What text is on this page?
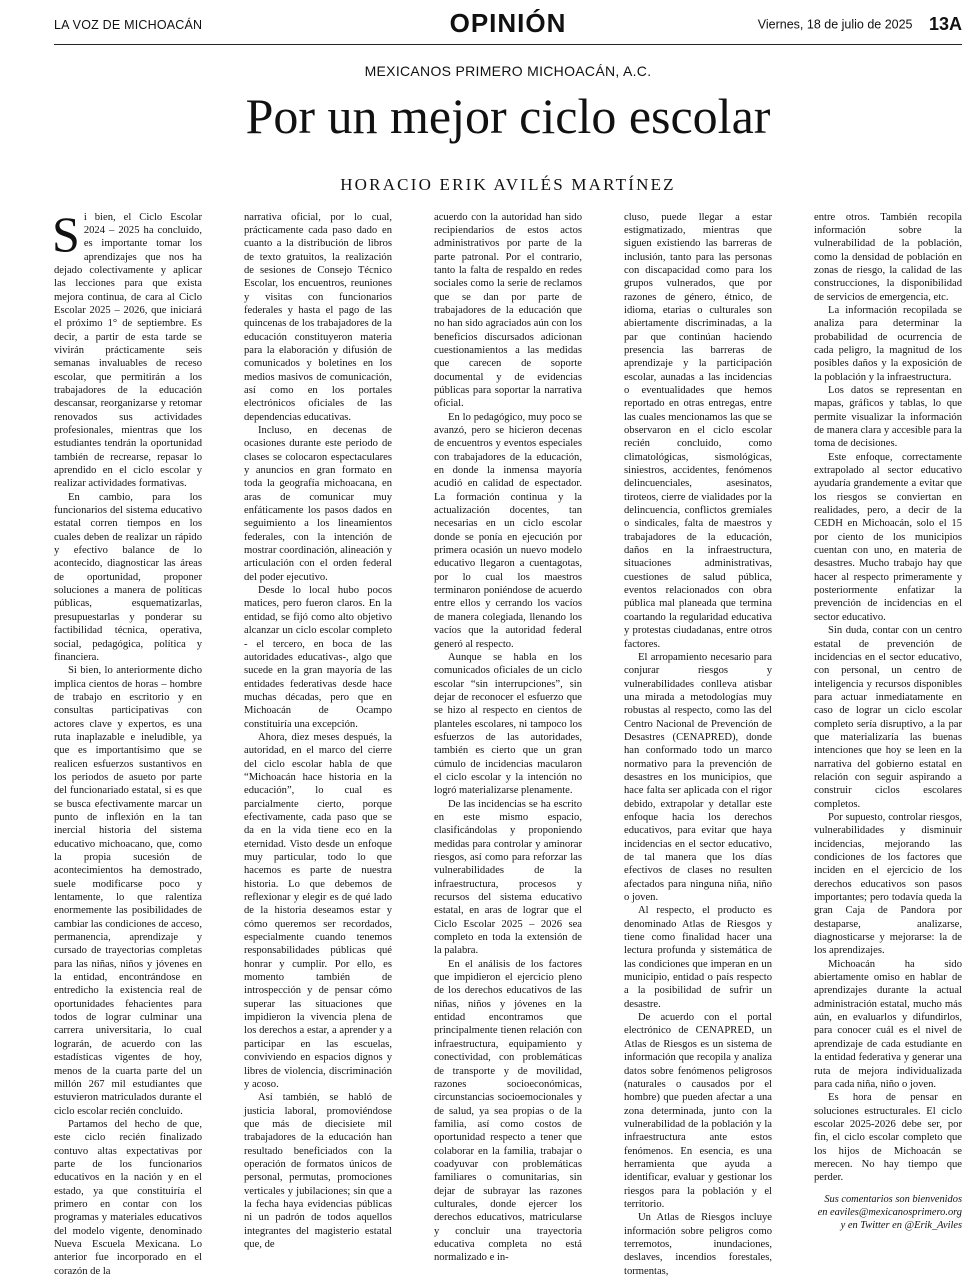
LA VOZ DE MICHOACÁN	OPINIÓN	Viernes, 18 de julio de 2025 13A
MEXICANOS PRIMERO MICHOACÁN, A.C.
Por un mejor ciclo escolar
HORACIO ERIK AVILÉS MARTÍNEZ

Si bien, el Ciclo Escolar 2024 – 2025 ha concluido, es importante tomar los aprendizajes que nos ha dejado colectivamente y aplicar las lecciones para que exista mejora continua, de cara al Ciclo Escolar 2025 – 2026, que iniciará el próximo 1° de septiembre. Es decir, a partir de esta tarde se vivirán prácticamente seis semanas invaluables de receso escolar, que permitirán a los trabajadores de la educación descansar, reorganizarse y retomar renovados sus actividades profesionales, mientras que los estudiantes tendrán la oportunidad también de recrearse, repasar lo aprendido en el ciclo escolar y realizar actividades formativas.

En cambio, para los funcionarios del sistema educativo estatal corren tiempos en los cuales deben de realizar un rápido y efectivo balance de lo acontecido, diagnosticar las áreas de oportunidad, proponer soluciones a manera de políticas públicas, esquematizarlas, presupuestarlas y ponderar su factibilidad técnica, operativa, social, pedagógica, política y financiera.

Si bien, lo anteriormente dicho implica cientos de horas – hombre de trabajo en escritorio y en consultas participativas con actores clave y expertos, es una ruta inaplazable e ineludible, ya que es importantísimo que se realicen esfuerzos sustantivos en los periodos de asueto por parte del funcionariado estatal, si es que se busca efectivamente marcar un punto de inflexión en la tan inercial historia del sistema educativo michoacano, que, como la propia sucesión de acontecimientos ha demostrado, suele modificarse poco y lentamente, lo que ralentiza enormemente las posibilidades de cambiar las condiciones de acceso, permanencia, aprendizaje y cursado de trayectorias completas para las niñas, niños y jóvenes en la entidad, encontrándose en entredicho la existencia real de oportunidades fehacientes para todos de lograr culminar una carrera universitaria, lo cual lograrán, de acuerdo con las estadísticas vigentes de hoy, menos de la cuarta parte del un millón 267 mil estudiantes que estuvieron matriculados durante el ciclo escolar recién concluido.

Partamos del hecho de que, este ciclo recién finalizado contuvo altas expectativas por parte de los funcionarios educativos en la nación y en el estado, ya que constituiría el primero en contar con los programas y materiales educativos del modelo vigente, denominado Nueva Escuela Mexicana. Lo anterior fue incorporado en el corazón de la

narrativa oficial, por lo cual, prácticamente cada paso dado en cuanto a la distribución de libros de texto gratuitos, la realización de sesiones de Consejo Técnico Escolar, los encuentros, reuniones y visitas con funcionarios federales y hasta el pago de las quincenas de los trabajadores de la educación constituyeron materia para la elaboración y difusión de comunicados y boletines en los medios masivos de comunicación, así como en los portales electrónicos oficiales de las dependencias educativas.

Incluso, en decenas de ocasiones durante este periodo de clases se colocaron espectaculares y anuncios en gran formato en toda la geografía michoacana, en aras de comunicar muy enfáticamente los pasos dados en seguimiento a los lineamientos federales, con la intención de mostrar coordinación, alineación y articulación con el orden federal del poder ejecutivo.

Desde lo local hubo pocos matices, pero fueron claros. En la entidad, se fijó como alto objetivo alcanzar un ciclo escolar completo - el tercero, en boca de las autoridades educativas-, algo que sucede en la gran mayoría de las entidades federativas desde hace muchas décadas, pero que en Michoacán de Ocampo constituiría una excepción.

Ahora, diez meses después, la autoridad, en el marco del cierre del ciclo escolar habla de que “Michoacán hace historia en la educación”, lo cual es parcialmente cierto, porque efectivamente, cada paso que se da en la vida tiene eco en la eternidad. Visto desde un enfoque muy particular, todo lo que hacemos es parte de nuestra historia. Lo que debemos de reflexionar y elegir es de qué lado de la historia deseamos estar y cómo queremos ser recordados, especialmente cuando tenemos responsabilidades públicas qué honrar y cumplir. Por ello, es momento también de introspección y de pensar cómo superar las situaciones que impidieron la vivencia plena de los derechos a estar, a aprender y a participar en las escuelas, conviviendo en espacios dignos y libres de violencia, discriminación y acoso.

Así también, se habló de justicia laboral, promoviéndose que más de diecisiete mil trabajadores de la educación han resultado beneficiados con la operación de formatos únicos de personal, permutas, promociones verticales y jubilaciones; sin que a la fecha haya evidencias públicas ni un padrón de todos aquellos integrantes del magisterio estatal que, de

acuerdo con la autoridad han sido recipiendarios de estos actos administrativos por parte de la parte patronal. Por el contrario, tanto la falta de respaldo en redes sociales como la serie de reclamos que se dan por parte de trabajadores de la educación que no han sido agraciados aún con los beneficios discursados adicionan cuestionamientos a las medidas que carecen de soporte documental y de evidencias públicas para soportar la narrativa oficial.

En lo pedagógico, muy poco se avanzó, pero se hicieron decenas de encuentros y eventos especiales con trabajadores de la educación, en donde la inmensa mayoría acudió en calidad de espectador. La formación continua y la actualización docentes, tan necesarias en un ciclo escolar donde se ponía en ejecución por primera ocasión un nuevo modelo educativo llegaron a cuentagotas, por lo cual los maestros terminaron poniéndose de acuerdo entre ellos y cerrando los vacíos de manera colegiada, llenando los vacíos que la autoridad federal generó al respecto.

Aunque se habla en los comunicados oficiales de un ciclo escolar “sin interrupciones”, sin dejar de reconocer el esfuerzo que se hizo al respecto en cientos de planteles escolares, ni tampoco los esfuerzos de las autoridades, también es cierto que un gran cúmulo de incidencias macularon el ciclo escolar y la intención no logró materializarse plenamente.

De las incidencias se ha escrito en este mismo espacio, clasificándolas y proponiendo medidas para controlar y aminorar riesgos, así como para reforzar las vulnerabilidades de la infraestructura, procesos y recursos del sistema educativo estatal, en aras de lograr que el Ciclo Escolar 2025 – 2026 sea completo en toda la extensión de la palabra.

En el análisis de los factores que impidieron el ejercicio pleno de los derechos educativos de las niñas, niños y jóvenes en la entidad encontramos que principalmente tienen relación con infraestructura, equipamiento y conectividad, con problemáticas de transporte y de movilidad, razones socioeconómicas, circunstancias socioemocionales y de salud, ya sea propias o de la familia, así como costos de oportunidad respecto a tener que colaborar en la familia, trabajar o coadyuvar con problemáticas familiares o comunitarias, sin dejar de subrayar las razones culturales, donde ejercer los derechos educativos, matricularse y concluir una trayectoria educativa completa no está normalizado e in-

cluso, puede llegar a estar estigmatizado, mientras que siguen existiendo las barreras de inclusión, tanto para las personas con discapacidad como para los grupos vulnerados, que por razones de género, étnico, de idioma, etarias o culturales son abiertamente discriminadas, a la par que continúan haciendo presencia las barreras de aprendizaje y la participación escolar, aunadas a las incidencias o eventualidades que hemos reportado en otras entregas, entre las cuales mencionamos las que se observaron en el ciclo escolar recién concluido, como climatológicas, sismológicas, siniestros, accidentes, fenómenos delincuenciales, asesinatos, tiroteos, cierre de vialidades por la delincuencia, conflictos gremiales o sindicales, falta de maestros y trabajadores de la educación, daños en la infraestructura, situaciones administrativas, cuestiones de salud pública, eventos relacionados con obra pública mal planeada que termina coartando la regularidad educativa y protestas ciudadanas, entre otros factores.

El arropamiento necesario para conjurar riesgos y vulnerabilidades conlleva atisbar una mirada a metodologías muy robustas al respecto, como las del Centro Nacional de Prevención de Desastres (CENAPRED), donde han conformado todo un marco normativo para la prevención de desastres en los municipios, que hace falta ser aplicada con el rigor debido, extrapolar y detallar este enfoque hacia los derechos educativos, para evitar que haya incidencias en el sector educativo, de tal manera que los días efectivos de clases no resulten afectados para ninguna niña, niño o joven.

Al respecto, el producto es denominado Atlas de Riesgos y tiene como finalidad hacer una lectura profunda y sistemática de las condiciones que imperan en un municipio, entidad o país respecto a la posibilidad de sufrir un desastre.

De acuerdo con el portal electrónico de CENAPRED, un Atlas de Riesgos es un sistema de información que recopila y analiza datos sobre fenómenos peligrosos (naturales o causados por el hombre) que pueden afectar a una zona determinada, junto con la vulnerabilidad de la población y la infraestructura ante estos fenómenos. En esencia, es una herramienta que ayuda a identificar, evaluar y gestionar los riesgos para la población y el territorio.

Un Atlas de Riesgos incluye información sobre peligros como terremotos, inundaciones, deslaves, incendios forestales, tormentas,

entre otros. También recopila información sobre la vulnerabilidad de la población, como la densidad de población en zonas de riesgo, la calidad de las construcciones, la disponibilidad de servicios de emergencia, etc.

La información recopilada se analiza para determinar la probabilidad de ocurrencia de cada peligro, la magnitud de los posibles daños y la exposición de la población y la infraestructura.

Los datos se representan en mapas, gráficos y tablas, lo que permite visualizar la información de manera clara y accesible para la toma de decisiones.

Este enfoque, correctamente extrapolado al sector educativo ayudaría grandemente a evitar que los riesgos se conviertan en realidades, pero, a decir de la CEDH en Michoacán, solo el 15 por ciento de los municipios cuentan con uno, en materia de desastres. Mucho trabajo hay que hacer al respecto primeramente y posteriormente enfatizar la prevención de incidencias en el sector educativo.

Sin duda, contar con un centro estatal de prevención de incidencias en el sector educativo, con personal, un centro de inteligencia y recursos disponibles para actuar inmediatamente en caso de lograr un ciclo escolar completo sería disruptivo, a la par que materializaría las buenas intenciones que hoy se leen en la narrativa del gobierno estatal en relación con seguir aspirando a construir ciclos escolares completos.

Por supuesto, controlar riesgos, vulnerabilidades y disminuir incidencias, mejorando las condiciones de los factores que inciden en el ejercicio de los derechos educativos son pasos importantes; pero todavía queda la gran Caja de Pandora por destaparse, analizarse, diagnosticarse y mejorarse: la de los aprendizajes.

Michoacán ha sido abiertamente omiso en hablar de aprendizajes durante la actual administración estatal, mucho más aún, en evaluarlos y difundirlos, para conocer cuál es el nivel de aprendizaje de cada estudiante en la entidad federativa y generar una ruta de mejora individualizada para cada niña, niño o joven.

Es hora de pensar en soluciones estructurales. El ciclo escolar 2025-2026 debe ser, por fin, el ciclo escolar completo que los hijos de Michoacán se merecen. No hay tiempo que perder.

Sus comentarios son bienvenidos
en eaviles@mexicanosprimero.org
y en Twitter en @Erik_Aviles
